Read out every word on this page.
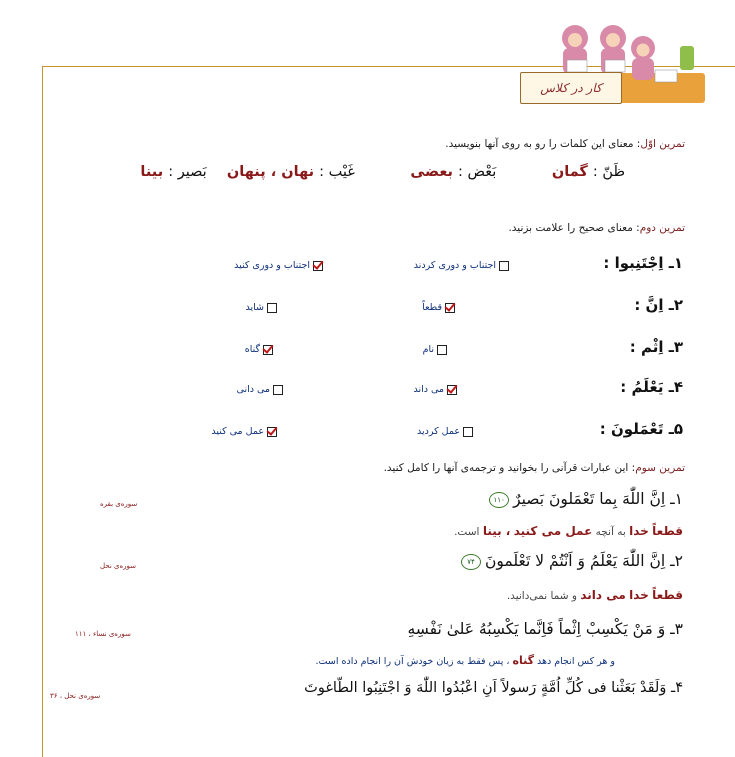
کار در کلاس
تمرین اوّل: معنای این کلمات را رو به روی آنها بنویسید.
ظَنّ : گمان           بَعْض : بعضی           غَیْب : نهان ، پنهان    بَصیر : بینا
تمرین دوم: معنای صحیح را علامت بزنید.
۱ـ اِجْتَنِبوا :
اجتناب و دوری کردند
اجتناب و دوری کنید
۲ـ اِنَّ :
قطعاً
شاید
۳ـ اِثْم :
نام
گناه
۴ـ یَعْلَمُ :
می داند
می دانی
۵ـ تَعْمَلونَ :
عمل کردید
عمل می کنید
تمرین سوم: این عبارات قرآنی را بخوانید و ترجمه‌ی آنها را کامل کنید.
۱ـ اِنَّ اللّٰهَ بِما تَعْمَلونَ بَصیرٌ۱۱۰
سوره‌ی بقره
قطعاً خدا به آنچه عمل می کنید ، بینا است.
۲ـ اِنَّ اللّٰهَ یَعْلَمُ وَ اَنْتُمْ لا تَعْلَمونَ۷۴
سوره‌ی نحل
قطعاً خدا می داند و شما نمی‌دانید.
۳ـ وَ مَنْ یَکْسِبْ اِثْماً فَاِنَّما یَکْسِبُهُ عَلیٰ نَفْسِهِ
سوره‌ی نساء ، ۱۱۱
و هر کس انجام دهد گناه ، پس فقط به زیان خودش آن را انجام داده است.
۴ـ وَلَقَدْ بَعَثْنا فی کُلِّ اُمَّةٍ رَسولاً اَنِ اعْبُدُوا اللّٰهَ وَ اجْتَنِبُوا الطّاغوتَ
سوره‌ی نحل ، ۳۶
